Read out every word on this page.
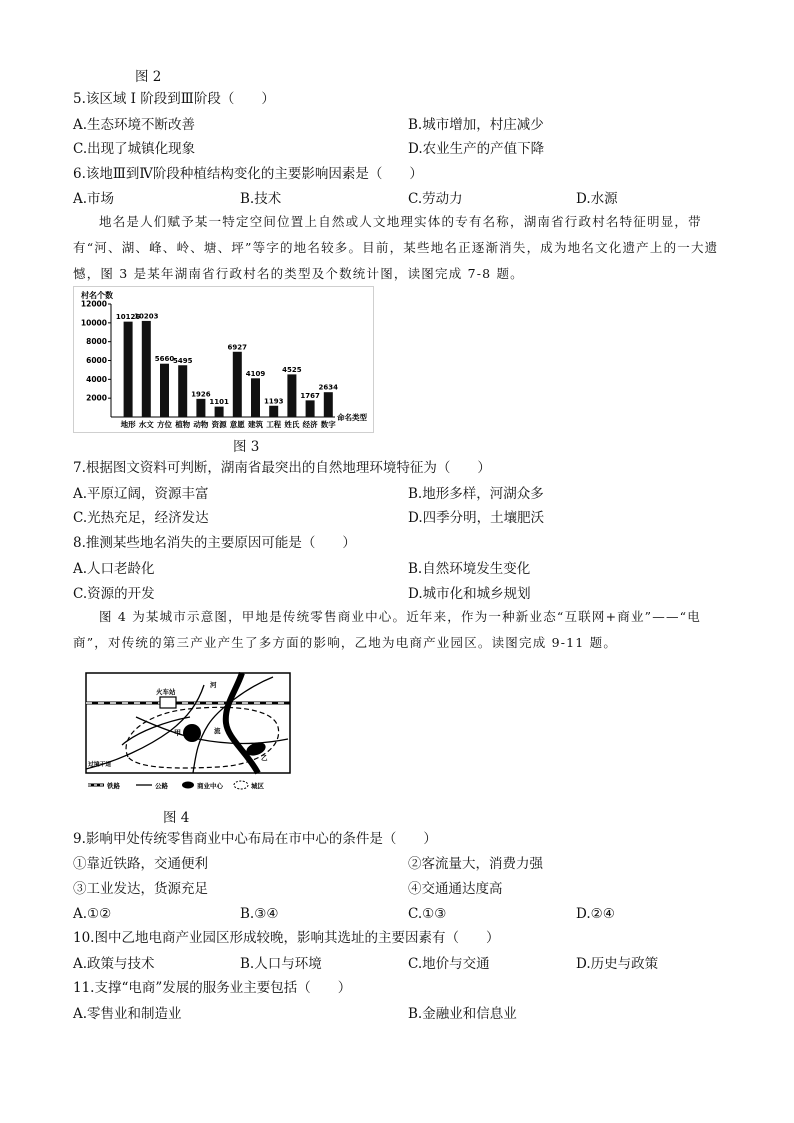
图 2
5.该区域 I 阶段到Ⅲ阶段（　　）
A.生态环境不断改善	B.城市增加，村庄减少
C.出现了城镇化现象	D.农业生产的产值下降
6.该地Ⅲ到Ⅳ阶段种植结构变化的主要影响因素是（　　）
A.市场	B.技术	C.劳动力	D.水源
地名是人们赋予某一特定空间位置上自然或人文地理实体的专有名称，湖南省行政村名特征明显，带有“河、湖、峰、岭、塘、坪”等字的地名较多。目前，某些地名正逐渐消失，成为地名文化遗产上的一大遗憾，图 3 是某年湖南省行政村名的类型及个数统计图，读图完成 7-8 题。
村名个数
2000
4000
6000
8000
10000
12000
10126
地形
10203
水文
5660
方位
5495
植物
1926
动物
1101
资源
6927
意愿
4109
建筑
1193
工程
4525
姓氏
1767
经济
2634
数字
命名类型
图 3
7.根据图文资料可判断，湖南省最突出的自然地理环境特征为（　　）
A.平原辽阔，资源丰富	B.地形多样，河湖众多
C.光热充足，经济发达	D.四季分明，土壤肥沃
8.推测某些地名消失的主要原因可能是（　　）
A.人口老龄化	B.自然环境发生变化
C.资源的开发	D.城市化和城乡规划
图 4 为某城市示意图，甲地是传统零售商业中心。近年来，作为一种新业态“互联网+商业”——“电商”，对传统的第三产业产生了多方面的影响，乙地为电商产业园区。读图完成 9-11 题。
火车站
河
流
甲
乙
过境干道
铁路	公路	商业中心	城区
图 4
9.影响甲处传统零售商业中心布局在市中心的条件是（　　）
①靠近铁路，交通便利	②客流量大，消费力强
③工业发达，货源充足	④交通通达度高
A.①②	B.③④	C.①③	D.②④
10.图中乙地电商产业园区形成较晚，影响其选址的主要因素有（　　）
A.政策与技术	B.人口与环境	C.地价与交通	D.历史与政策
11.支撑“电商”发展的服务业主要包括（　　）
A.零售业和制造业	B.金融业和信息业
